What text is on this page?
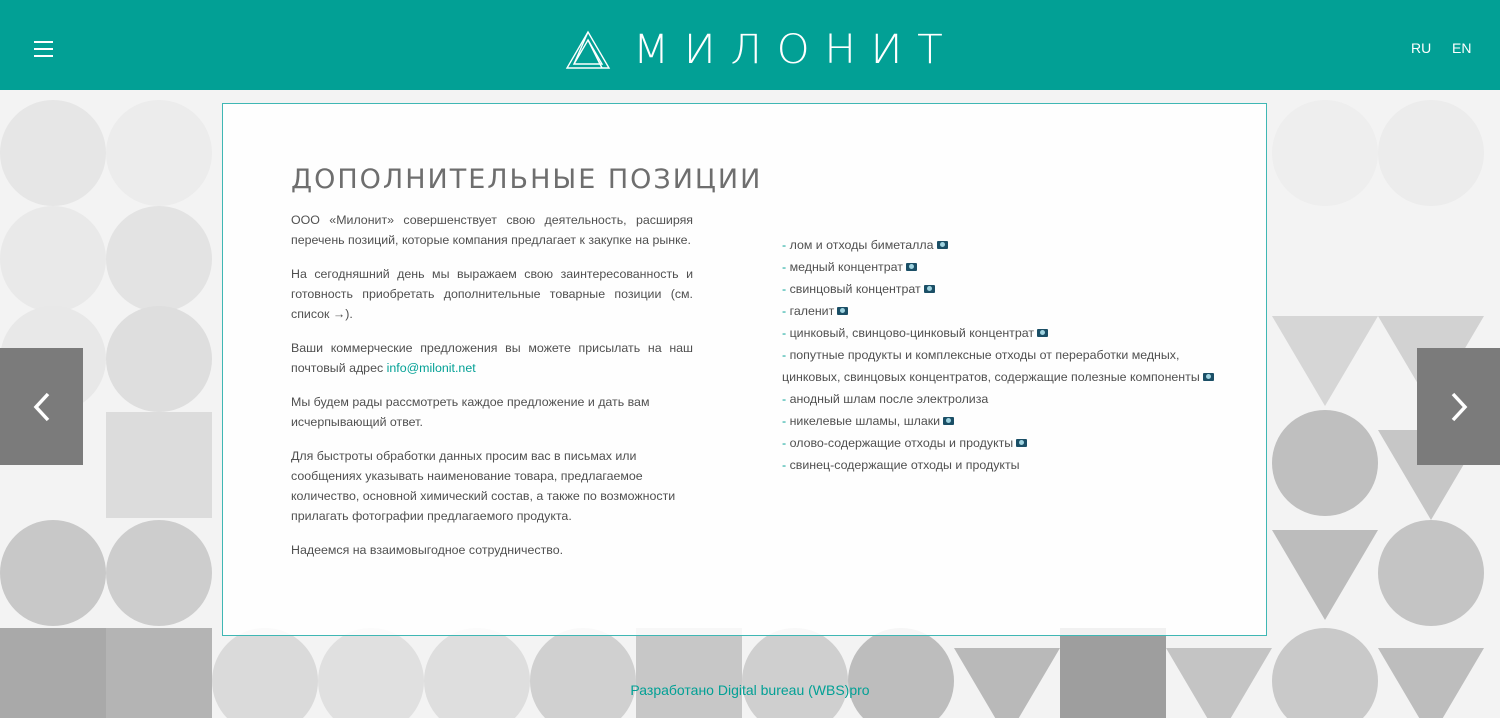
МИЛОНИТ	RU EN
ДОПОЛНИТЕЛЬНЫЕ ПОЗИЦИИ

ООО «Милонит» совершенствует свою деятельность, расширяя перечень позиций, которые компания предлагает к закупке на рынке.

На сегодняшний день мы выражаем свою заинтересованность и готовность приобретать дополнительные товарные позиции (см. список →).

Ваши коммерческие предложения вы можете присылать на наш почтовый адрес info@milonit.net

Мы будем рады рассмотреть каждое предложение и дать вам исчерпывающий ответ.

Для быстроты обработки данных просим вас в письмах или сообщениях указывать наименование товара, предлагаемое количество, основной химический состав, а также по возможности прилагать фотографии предлагаемого продукта.

Надеемся на взаимовыгодное сотрудничество.

- лом и отходы биметалла
- медный концентрат
- свинцовый концентрат
- галенит
- цинковый, свинцово-цинковый концентрат
- попутные продукты и комплексные отходы от переработки медных,
цинковых, свинцовых концентратов, содержащие полезные компоненты
- анодный шлам после электролиза
- никелевые шламы, шлаки
- олово-содержащие отходы и продукты
- свинец-содержащие отходы и продукты
Разработано Digital bureau (WBS)pro
